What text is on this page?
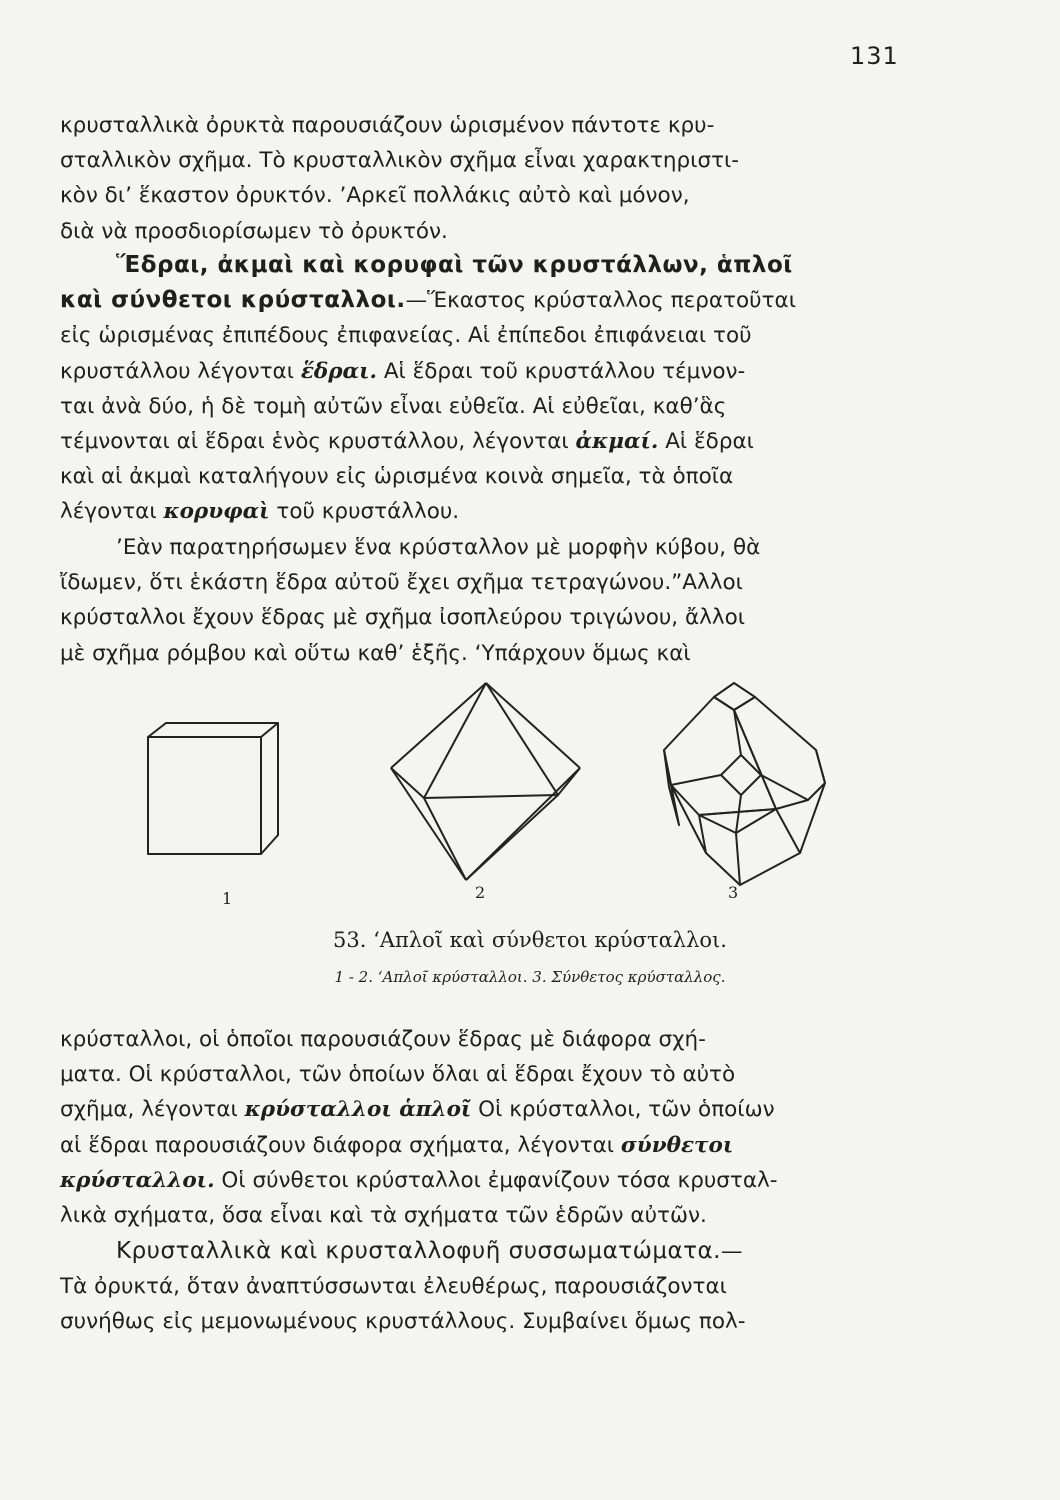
131
κρυσταλλικὰ ὀρυκτὰ παρουσιάζουν ὡρισμένον πάντοτε κρυ-
σταλλικὸν σχῆμα. Τὸ κρυσταλλικὸν σχῆμα εἶναι χαρακτηριστι-
κὸν δι’ ἕκαστον ὀρυκτόν. ’Αρκεῖ πολλάκις αὐτὸ καὶ μόνον,
διὰ νὰ προσδιορίσωμεν τὸ ὀρυκτόν.
Ἕδραι, ἀκμαὶ καὶ κορυφαὶ τῶν κρυστάλλων, ἁπλοῖ
καὶ σύνθετοι κρύσταλλοι.—Ἕκαστος κρύσταλλος περατοῦται
εἰς ὡρισμένας ἐπιπέδους ἐπιφανείας. Αἱ ἐπίπεδοι ἐπιφάνειαι τοῦ
κρυστάλλου λέγονται ἕδραι. Αἱ ἕδραι τοῦ κρυστάλλου τέμνον-
ται ἀνὰ δύο, ἡ δὲ τομὴ αὐτῶν εἶναι εὐθεῖα. Αἱ εὐθεῖαι, καθ’ἃς
τέμνονται αἱ ἕδραι ἑνὸς κρυστάλλου, λέγονται ἀκμαί. Αἱ ἕδραι
καὶ αἱ ἀκμαὶ καταλήγουν εἰς ὡρισμένα κοινὰ σημεῖα, τὰ ὁποῖα
λέγονται κορυφαὶ τοῦ κρυστάλλου.
’Εὰν παρατηρήσωμεν ἕνα κρύσταλλον μὲ μορφὴν κύβου, θὰ
ἴδωμεν, ὅτι ἑκάστη ἕδρα αὐτοῦ ἔχει σχῆμα τετραγώνου.”Αλλοι
κρύσταλλοι ἔχουν ἕδρας μὲ σχῆμα ἰσοπλεύρου τριγώνου, ἄλλοι
μὲ σχῆμα ρόμβου καὶ οὕτω καθ’ ἑξῆς. ‘Υπάρχουν ὅμως καὶ
1	2	3
53. ‘Απλοῖ καὶ σύνθετοι κρύσταλλοι.
1 - 2. ‘Απλοῖ κρύσταλλοι. 3. Σύνθετος κρύσταλλος.
κρύσταλλοι, οἱ ὁποῖοι παρουσιάζουν ἕδρας μὲ διάφορα σχή-
ματα. Οἱ κρύσταλλοι, τῶν ὁποίων ὅλαι αἱ ἕδραι ἔχουν τὸ αὐτὸ
σχῆμα, λέγονται κρύσταλλοι ἁπλοῖ Οἱ κρύσταλλοι, τῶν ὁποίων
αἱ ἕδραι παρουσιάζουν διάφορα σχήματα, λέγονται σύνθετοι
κρύσταλλοι. Οἱ σύνθετοι κρύσταλλοι ἐμφανίζουν τόσα κρυσταλ-
λικὰ σχήματα, ὅσα εἶναι καὶ τὰ σχήματα τῶν ἑδρῶν αὐτῶν.
Κρυσταλλικὰ καὶ κρυσταλλοφυῆ συσσωματώματα.—
Τὰ ὀρυκτά, ὅταν ἀναπτύσσωνται ἐλευθέρως, παρουσιάζονται
συνήθως εἰς μεμονωμένους κρυστάλλους. Συμβαίνει ὅμως πολ-
